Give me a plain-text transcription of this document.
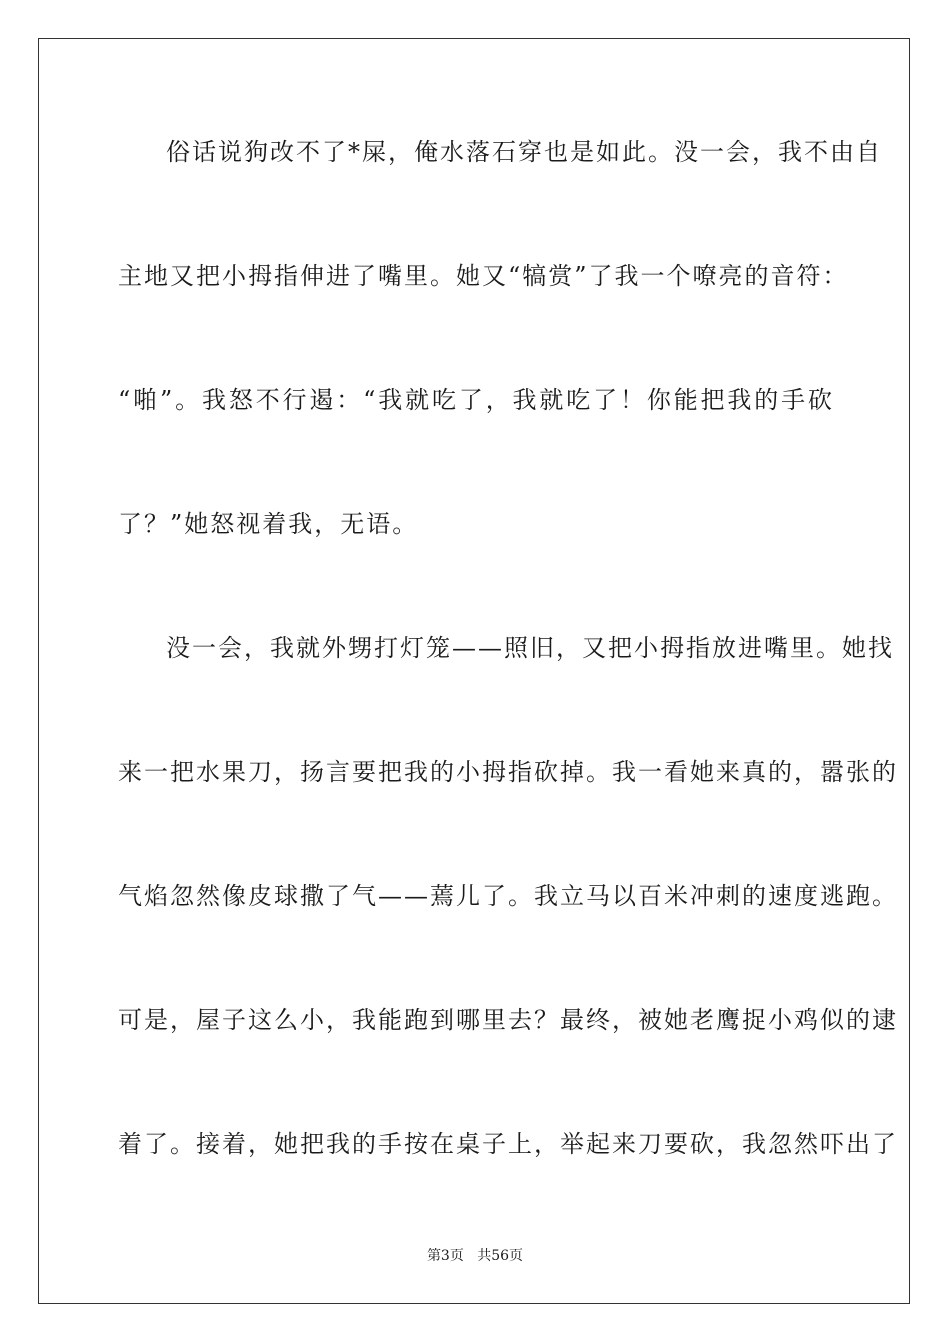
俗话说狗改不了*屎，俺水落石穿也是如此。没一会，我不由自
主地又把小拇指伸进了嘴里。她又“犒赏”了我一个嘹亮的音符：
“啪”。我怒不行遏：“我就吃了，我就吃了！你能把我的手砍
了？”她怒视着我，无语。
没一会，我就外甥打灯笼——照旧，又把小拇指放进嘴里。她找
来一把水果刀，扬言要把我的小拇指砍掉。我一看她来真的，嚣张的
气焰忽然像皮球撒了气——蔫儿了。我立马以百米冲刺的速度逃跑。
可是，屋子这么小，我能跑到哪里去？最终，被她老鹰捉小鸡似的逮
着了。接着，她把我的手按在桌子上，举起来刀要砍，我忽然吓出了
第3页 共56页
